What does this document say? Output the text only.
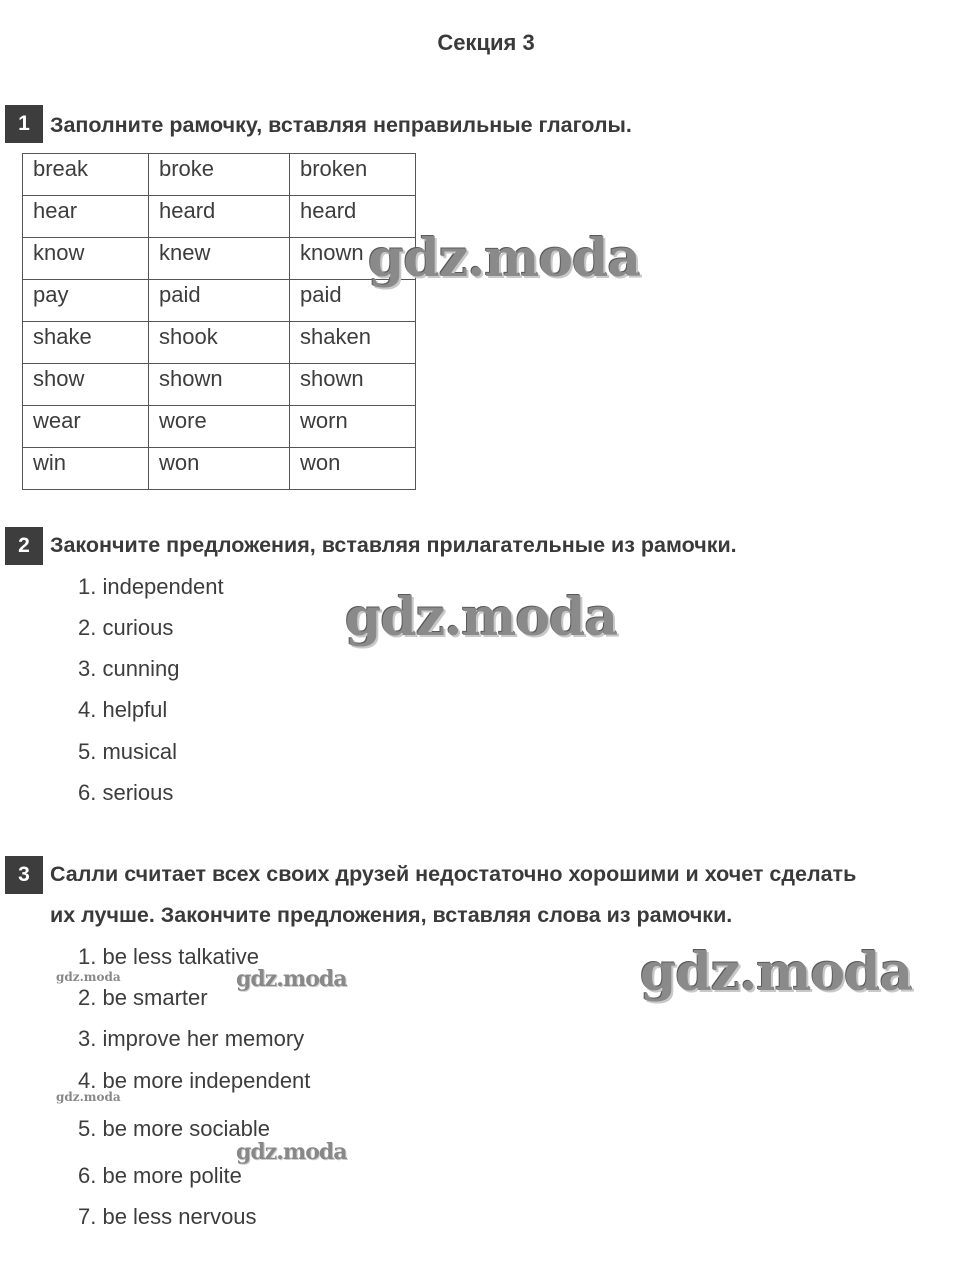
Секция 3
1 Заполните рамочку, вставляя неправильные глаголы.
break	broke	broken
hear	heard	heard
know	knew	known
pay	paid	paid
shake	shook	shaken
show	shown	shown
wear	wore	worn
win	won	won
2 Закончите предложения, вставляя прилагательные из рамочки.
1. independent
2. curious
3. cunning
4. helpful
5. musical
6. serious
3 Салли считает всех своих друзей недостаточно хорошими и хочет сделать
их лучше. Закончите предложения, вставляя слова из рамочки.
1. be less talkative
2. be smarter
3. improve her memory
4. be more independent
5. be more sociable
6. be more polite
7. be less nervous
gdz.moda
gdz.moda
gdz.moda
gdz.moda
gdz.moda
gdz.moda
gdz.moda
